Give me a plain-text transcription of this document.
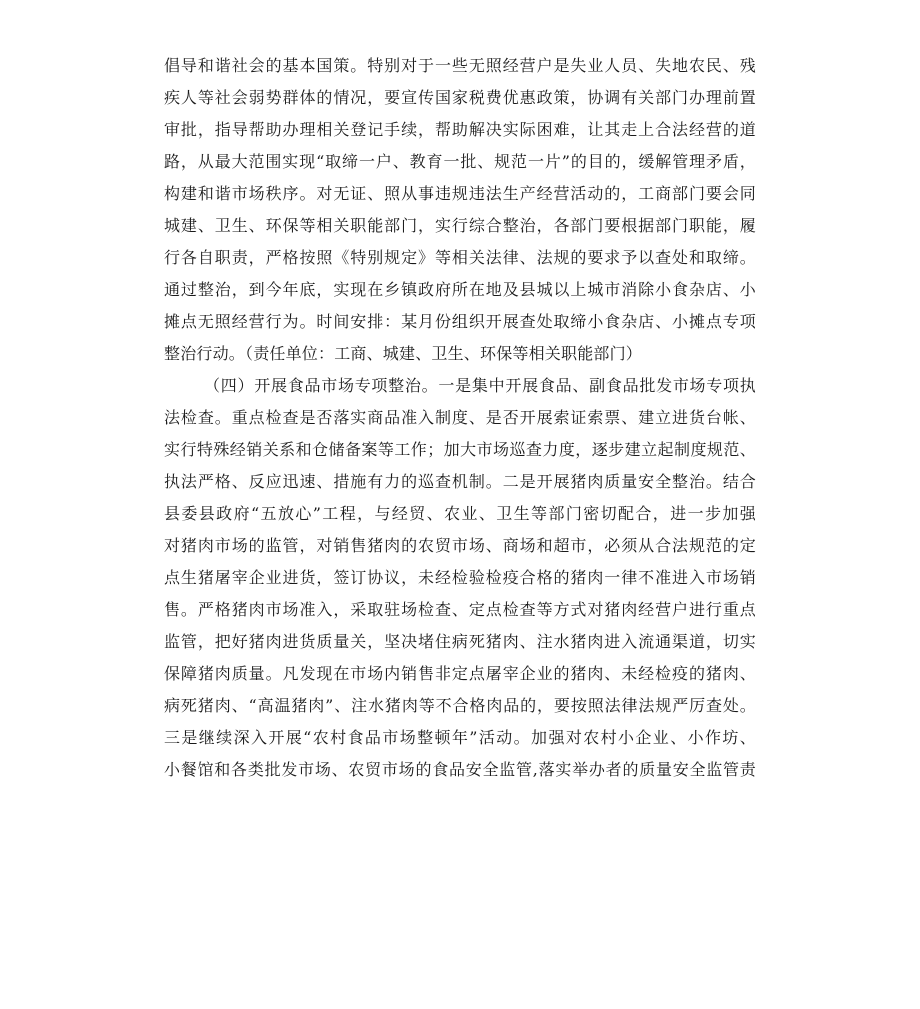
倡导和谐社会的基本国策。特别对于一些无照经营户是失业人员、失地农民、残
疾人等社会弱势群体的情况，要宣传国家税费优惠政策，协调有关部门办理前置
审批，指导帮助办理相关登记手续，帮助解决实际困难，让其走上合法经营的道
路，从最大范围实现“取缔一户、教育一批、规范一片”的目的，缓解管理矛盾，
构建和谐市场秩序。对无证、照从事违规违法生产经营活动的，工商部门要会同
城建、卫生、环保等相关职能部门，实行综合整治，各部门要根据部门职能，履
行各自职责，严格按照《特别规定》等相关法律、法规的要求予以查处和取缔。
通过整治，到今年底，实现在乡镇政府所在地及县城以上城市消除小食杂店、小
摊点无照经营行为。时间安排：某月份组织开展查处取缔小食杂店、小摊点专项
整治行动。（责任单位：工商、城建、卫生、环保等相关职能部门）
（四）开展食品市场专项整治。一是集中开展食品、副食品批发市场专项执
法检查。重点检查是否落实商品准入制度、是否开展索证索票、建立进货台帐、
实行特殊经销关系和仓储备案等工作；加大市场巡查力度，逐步建立起制度规范、
执法严格、反应迅速、措施有力的巡查机制。二是开展猪肉质量安全整治。结合
县委县政府“五放心”工程，与经贸、农业、卫生等部门密切配合，进一步加强
对猪肉市场的监管，对销售猪肉的农贸市场、商场和超市，必须从合法规范的定
点生猪屠宰企业进货，签订协议，未经检验检疫合格的猪肉一律不准进入市场销
售。严格猪肉市场准入，采取驻场检查、定点检查等方式对猪肉经营户进行重点
监管，把好猪肉进货质量关，坚决堵住病死猪肉、注水猪肉进入流通渠道，切实
保障猪肉质量。凡发现在市场内销售非定点屠宰企业的猪肉、未经检疫的猪肉、
病死猪肉、“高温猪肉”、注水猪肉等不合格肉品的，要按照法律法规严厉查处。
三是继续深入开展“农村食品市场整顿年”活动。加强对农村小企业、小作坊、
小餐馆和各类批发市场、农贸市场的食品安全监管,落实举办者的质量安全监管责
